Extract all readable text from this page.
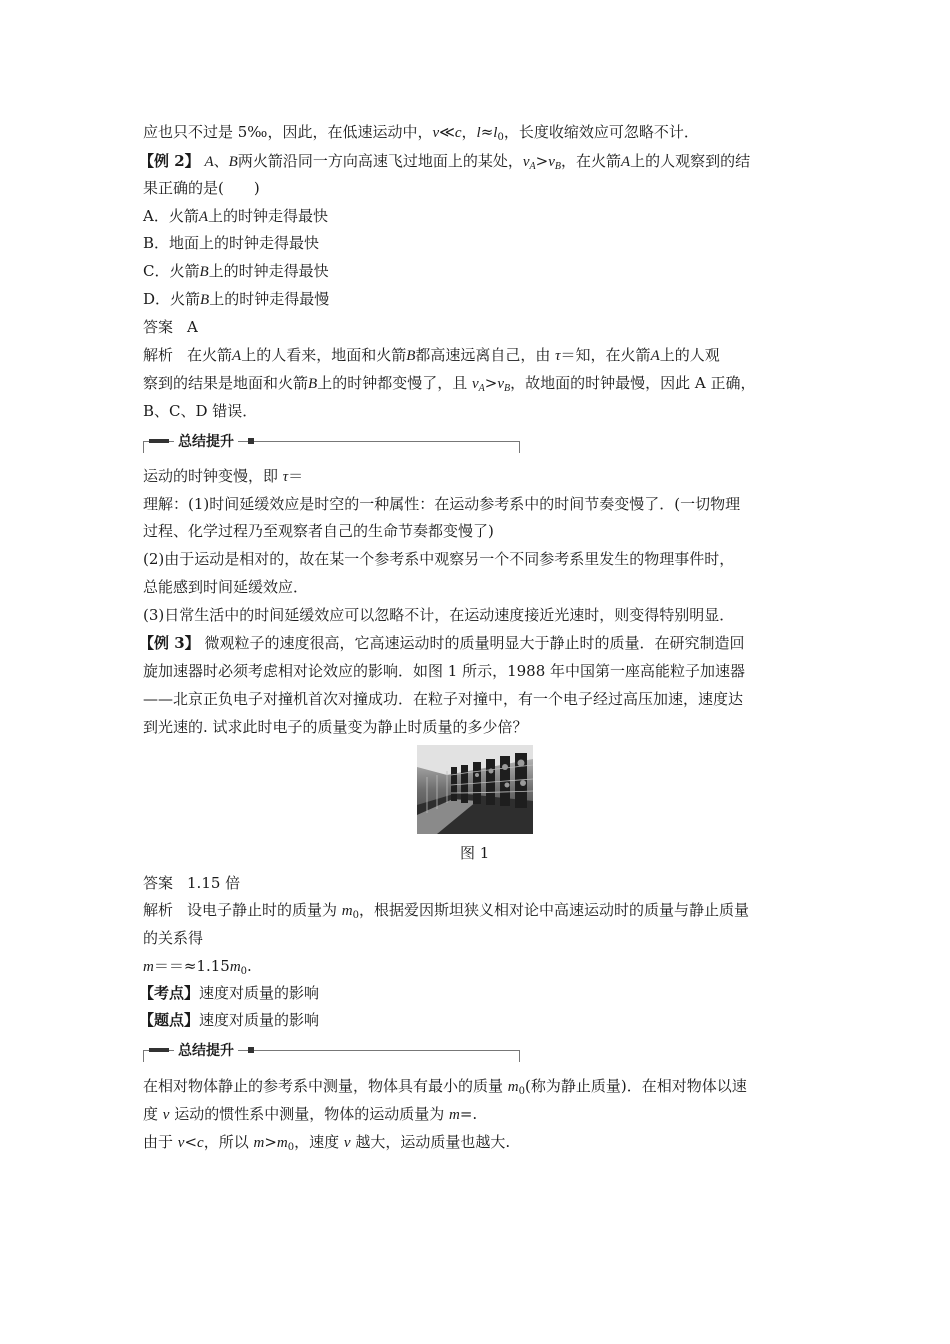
应也只不过是 5‰，因此，在低速运动中，v≪c，$l\approx l_0$，长度收缩效应可忽略不计．
【例 2】 A、B两火箭沿同一方向高速飞过地面上的某处，$v_A>v_B$，在火箭A上的人观察到的结
果正确的是(　　)
A．火箭A上的时钟走得最快
B．地面上的时钟走得最快
C．火箭B上的时钟走得最快
D．火箭B上的时钟走得最慢
答案 A
解析 在火箭A上的人看来，地面和火箭B都高速远离自己，由 τ＝知，在火箭A上的人观
察到的结果是地面和火箭B上的时钟都变慢了，且 $v_A>v_B$，故地面的时钟最慢，因此 A 正确，
B、C、D 错误．
总结提升
运动的时钟变慢，即 τ＝
理解：(1)时间延缓效应是时空的一种属性：在运动参考系中的时间节奏变慢了．(一切物理
过程、化学过程乃至观察者自己的生命节奏都变慢了)
(2)由于运动是相对的，故在某一个参考系中观察另一个不同参考系里发生的物理事件时，
总能感到时间延缓效应．
(3)日常生活中的时间延缓效应可以忽略不计，在运动速度接近光速时，则变得特别明显．
【例 3】 微观粒子的速度很高，它高速运动时的质量明显大于静止时的质量．在研究制造回
旋加速器时必须考虑相对论效应的影响．如图 1 所示，1988 年中国第一座高能粒子加速器
——北京正负电子对撞机首次对撞成功．在粒子对撞中，有一个电子经过高压加速，速度达
到光速的. 试求此时电子的质量变为静止时质量的多少倍？
图 1
答案 1.15 倍
解析 设电子静止时的质量为 $m_0$，根据爱因斯坦狭义相对论中高速运动时的质量与静止质量
的关系得
$m==\approx 1.15m_0$.
【考点】速度对质量的影响
【题点】速度对质量的影响
总结提升
在相对物体静止的参考系中测量，物体具有最小的质量 $m_0$(称为静止质量)．在相对物体以速
度 v 运动的惯性系中测量，物体的运动质量为 m=.
由于 v<c，所以 $m>m_0$，速度 v 越大，运动质量也越大.
